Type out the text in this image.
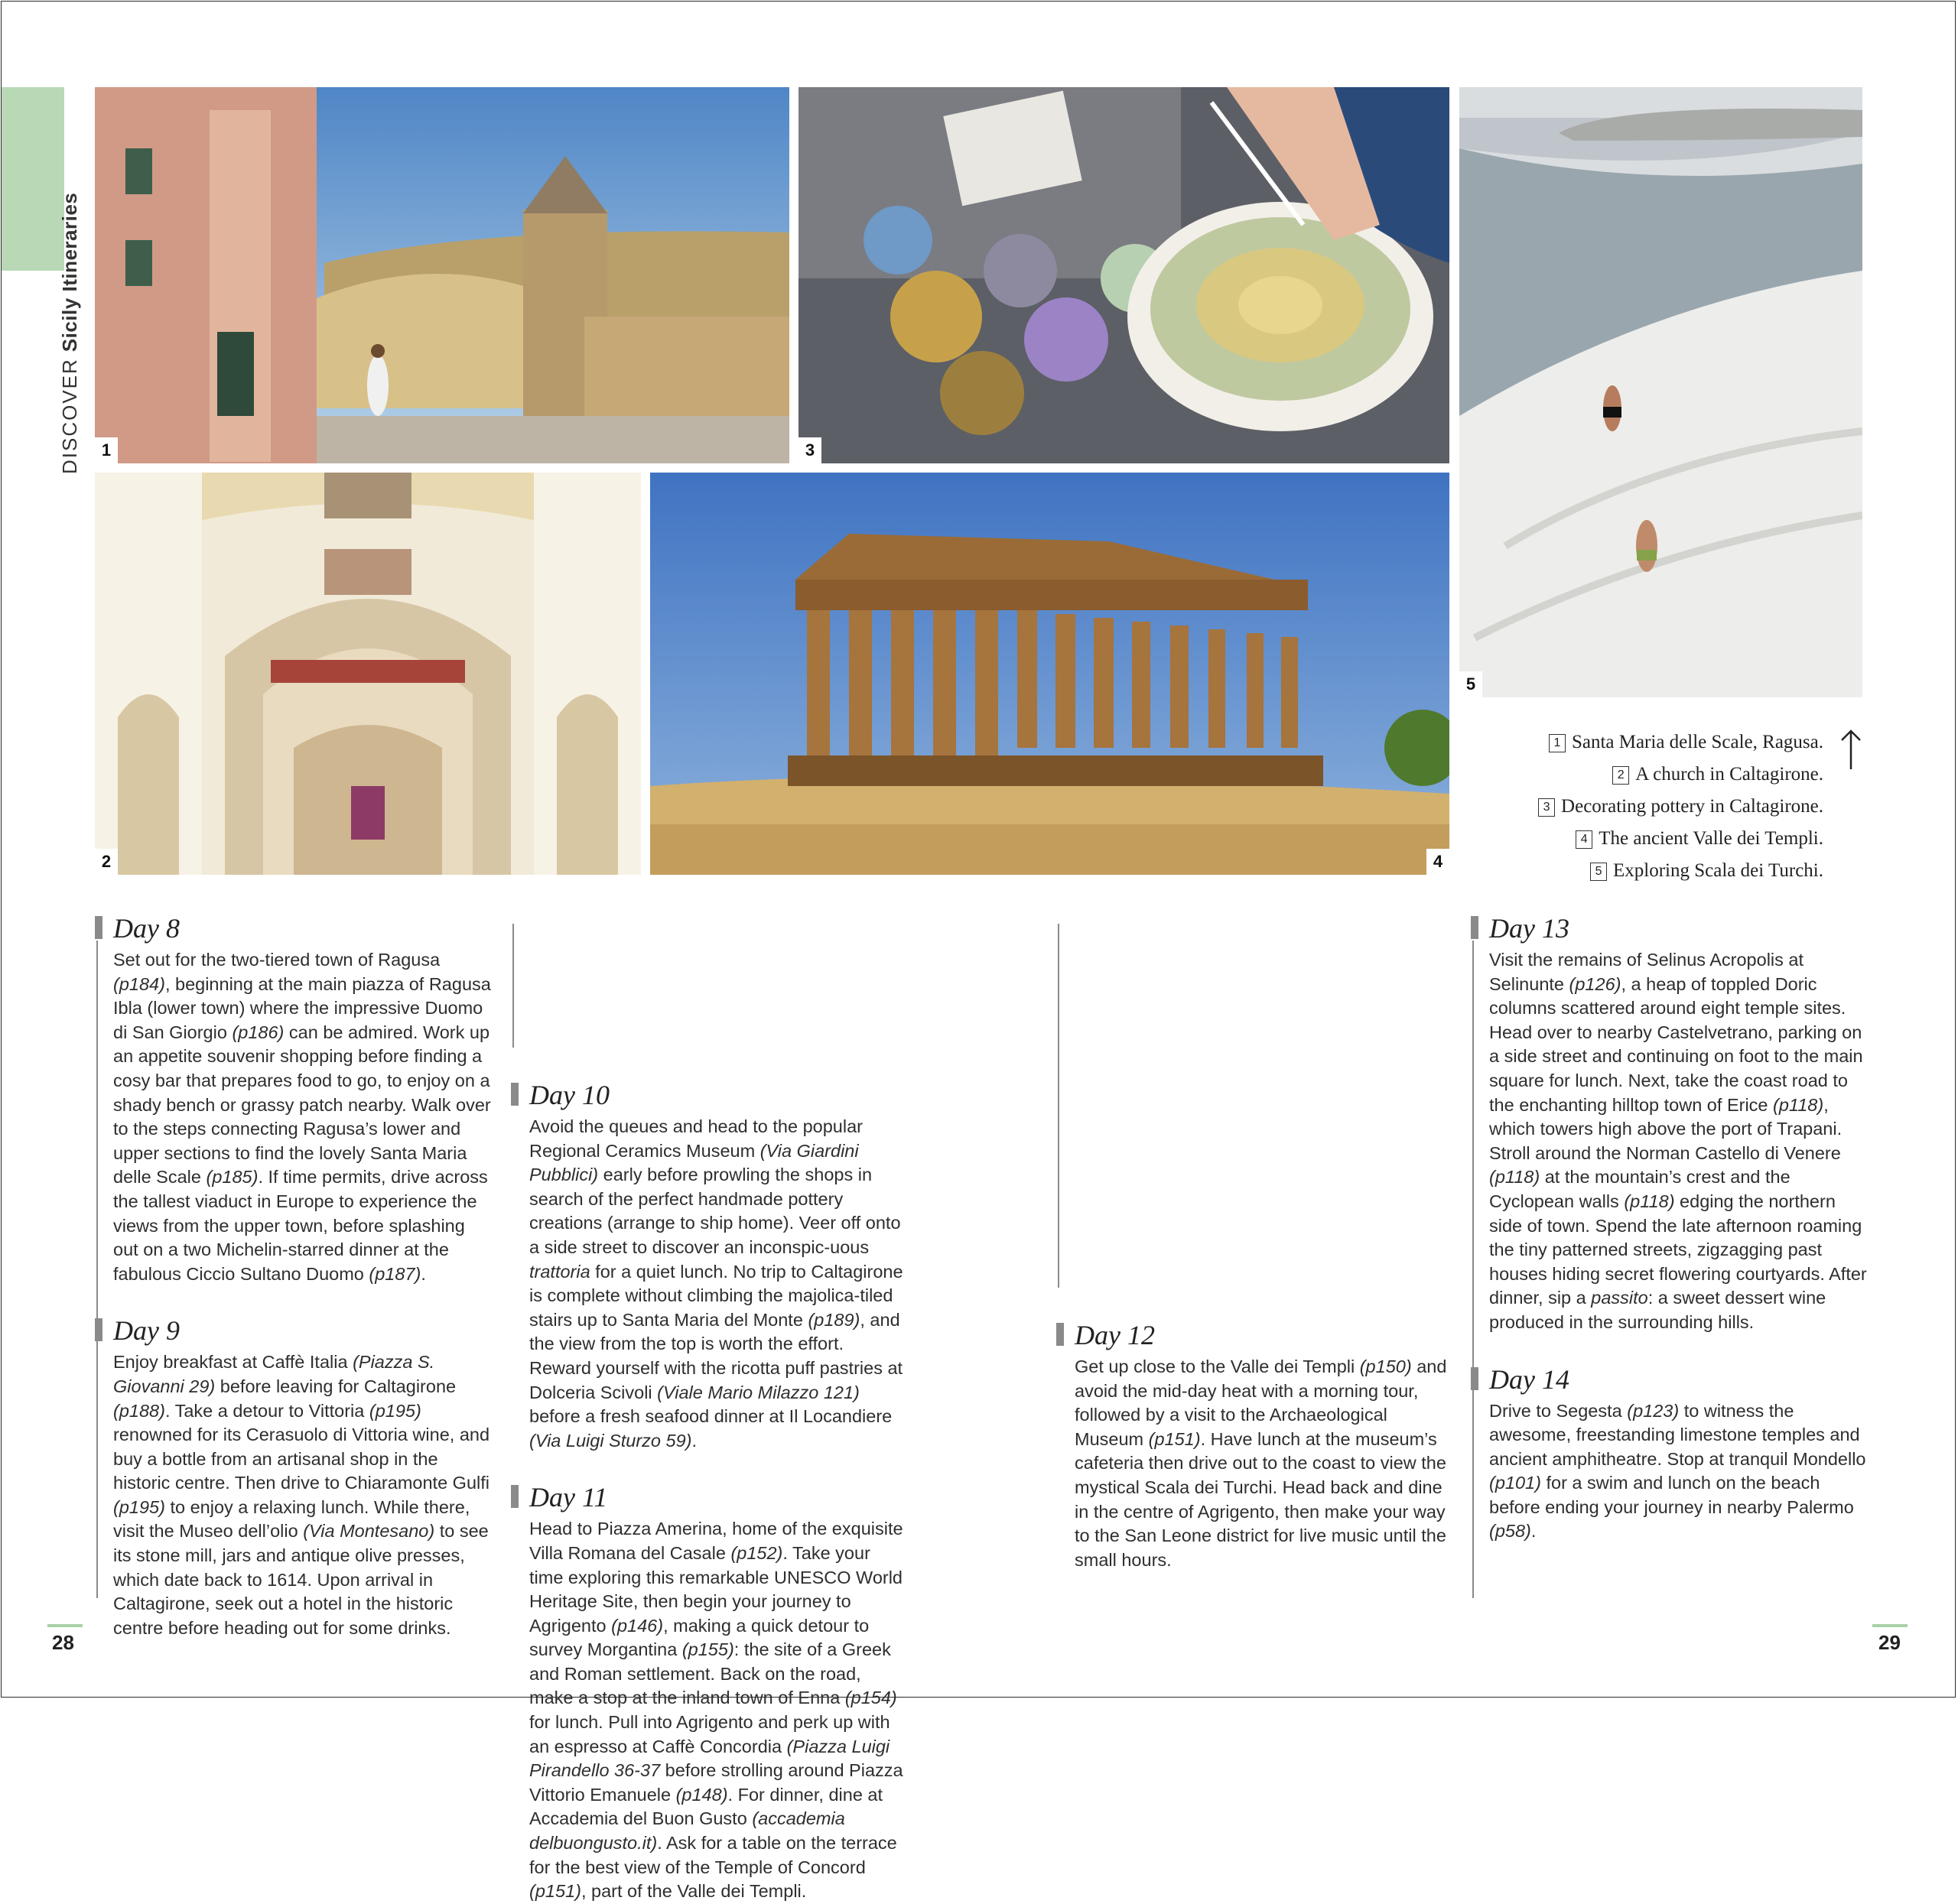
DISCOVERSicily Itineraries
1	3
5
2	4
1 Santa Maria delle Scale, Ragusa.
2 A church in Caltagirone.
3 Decorating pottery in Caltagirone.
4 The ancient Valle dei Templi.
5 Exploring Scala dei Turchi.
Day 8

Set out for the two-tiered town of Ragusa (p184), beginning at the main piazza of Ragusa Ibla (lower town) where the impressive Duomo di San Giorgio (p186) can be admired. Work up an appetite souvenir shopping before finding a cosy bar that prepares food to go, to enjoy on a shady bench or grassy patch nearby. Walk over to the steps connecting Ragusa’s lower and upper sections to find the lovely Santa Maria delle Scale (p185). If time permits, drive across the tallest viaduct in Europe to experience the views from the upper town, before splashing out on a two Michelin-starred dinner at the fabulous Ciccio Sultano Duomo (p187).

Day 9

Enjoy breakfast at Caffè Italia (Piazza S. Giovanni 29) before leaving for Caltagirone (p188). Take a detour to Vittoria (p195) renowned for its Cerasuolo di Vittoria wine, and buy a bottle from an artisanal shop in the historic centre. Then drive to Chiaramonte Gulfi (p195) to enjoy a relaxing lunch. While there, visit the Museo dell’olio (Via Montesano) to see its stone mill, jars and antique olive presses, which date back to 1614. Upon arrival in Caltagirone, seek out a hotel in the historic centre before heading out for some drinks.

Day 10

Avoid the queues and head to the popular Regional Ceramics Museum (Via Giardini Pubblici) early before prowling the shops in search of the perfect handmade pottery creations (arrange to ship home). Veer off onto a side street to discover an inconspic-uous trattoria for a quiet lunch. No trip to Caltagirone is complete without climbing the majolica-tiled stairs up to Santa Maria del Monte (p189), and the view from the top is worth the effort. Reward yourself with the ricotta puff pastries at Dolceria Scivoli (Viale Mario Milazzo 121) before a fresh seafood dinner at Il Locandiere (Via Luigi Sturzo 59).

Day 11

Head to Piazza Amerina, home of the exquisite Villa Romana del Casale (p152). Take your time exploring this remarkable UNESCO World Heritage Site, then begin your journey to Agrigento (p146), making a quick detour to survey Morgantina (p155): the site of a Greek and Roman settlement. Back on the road, make a stop at the inland town of Enna (p154) for lunch. Pull into Agrigento and perk up with an espresso at Caffè Concordia (Piazza Luigi Pirandello 36-37 before strolling around Piazza Vittorio Emanuele (p148). For dinner, dine at Accademia del Buon Gusto (accademia delbuongusto.it). Ask for a table on the terrace for the best view of the Temple of Concord (p151), part of the Valle dei Templi.

Day 12

Get up close to the Valle dei Templi (p150) and avoid the mid-day heat with a morning tour, followed by a visit to the Archaeological Museum (p151). Have lunch at the museum’s cafeteria then drive out to the coast to view the mystical Scala dei Turchi. Head back and dine in the centre of Agrigento, then make your way to the San Leone district for live music until the small hours.

Day 13

Visit the remains of Selinus Acropolis at Selinunte (p126), a heap of toppled Doric columns scattered around eight temple sites. Head over to nearby Castelvetrano, parking on a side street and continuing on foot to the main square for lunch. Next, take the coast road to the enchanting hilltop town of Erice (p118), which towers high above the port of Trapani. Stroll around the Norman Castello di Venere (p118) at the mountain’s crest and the Cyclopean walls (p118) edging the northern side of town. Spend the late afternoon roaming the tiny patterned streets, zigzagging past houses hiding secret flowering courtyards. After dinner, sip a passito: a sweet dessert wine produced in the surrounding hills.

Day 14

Drive to Segesta (p123) to witness the awesome, freestanding limestone temples and ancient amphitheatre. Stop at tranquil Mondello (p101) for a swim and lunch on the beach before ending your journey in nearby Palermo (p58).

28	29
